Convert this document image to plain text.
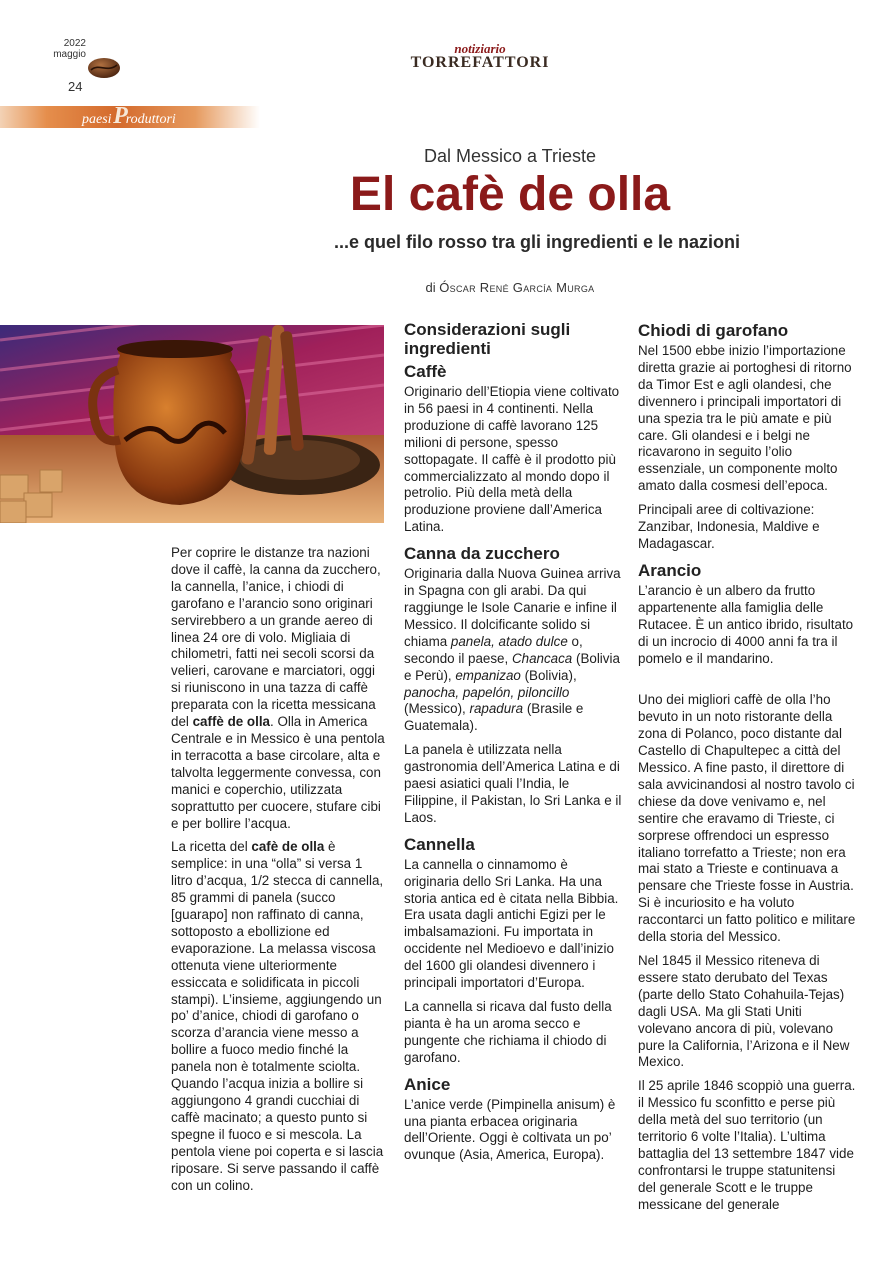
2022
maggio
24
notiziario
TORREFATTORI
paesi Produttori
Dal Messico a Trieste
El cafè de olla
...e quel filo rosso tra gli ingredienti e le nazioni
di Óscar René García Murga

Per coprire le distanze tra nazioni dove il caffè, la canna da zucchero, la cannella, l’anice, i chiodi di garofano e l’arancio sono originari servirebbero a un grande aereo di linea 24 ore di volo. Migliaia di chilometri, fatti nei secoli scorsi da velieri, carovane e marciatori, oggi si riuniscono in una tazza di caffè preparata con la ricetta messicana del caffè de olla. Olla in America Centrale e in Messico è una pentola in terracotta a base circolare, alta e talvolta leggermente convessa, con manici e coperchio, utilizzata soprattutto per cuocere, stufare cibi e per bollire l’acqua.

La ricetta del cafè de olla è semplice: in una “olla” si versa 1 litro d’acqua, 1/2 stecca di cannella, 85 grammi di panela (succo [guarapo] non raffinato di canna, sottoposto a ebollizione ed evaporazione. La melassa viscosa ottenuta viene ulteriormente essiccata e solidificata in piccoli stampi). L’insieme, aggiungendo un po’ d’anice, chiodi di garofano o scorza d’arancia viene messo a bollire a fuoco medio finché la panela non è totalmente sciolta. Quando l’acqua inizia a bollire si aggiungono 4 grandi cucchiai di caffè macinato; a questo punto si spegne il fuoco e si mescola. La pentola viene poi coperta e si lascia riposare. Si serve passando il caffè con un colino.

Considerazioni sugli ingredienti
Caffè

Originario dell’Etiopia viene coltivato in 56 paesi in 4 continenti. Nella produzione di caffè lavorano 125 milioni di persone, spesso sottopagate. Il caffè è il prodotto più commercializzato al mondo dopo il petrolio. Più della metà della produzione proviene dall’America Latina.

Canna da zucchero

Originaria dalla Nuova Guinea arriva in Spagna con gli arabi. Da qui raggiunge le Isole Canarie e infine il Messico. Il dolcificante solido si chiama panela, atado dulce o, secondo il paese, Chancaca (Bolivia e Perù), empanizao (Bolivia), panocha, papelón, piloncillo (Messico), rapadura (Brasile e Guatemala).

La panela è utilizzata nella gastronomia dell’America Latina e di paesi asiatici quali l’India, le Filippine, il Pakistan, lo Sri Lanka e il Laos.

Cannella

La cannella o cinnamomo è originaria dello Sri Lanka. Ha una storia antica ed è citata nella Bibbia. Era usata dagli antichi Egizi per le imbalsamazioni. Fu importata in occidente nel Medioevo e dall’inizio del 1600 gli olandesi divennero i principali importatori d’Europa.

La cannella si ricava dal fusto della pianta è ha un aroma secco e pungente che richiama il chiodo di garofano.

Anice

L’anice verde (Pimpinella anisum) è una pianta erbacea originaria dell’Oriente. Oggi è coltivata un po’ ovunque (Asia, America, Europa).

Chiodi di garofano

Nel 1500 ebbe inizio l’importazione diretta grazie ai portoghesi di ritorno da Timor Est e agli olandesi, che divennero i principali importatori di una spezia tra le più amate e più care. Gli olandesi e i belgi ne ricavarono in seguito l’olio essenziale, un componente molto amato dalla cosmesi dell’epoca.

Principali aree di coltivazione: Zanzibar, Indonesia, Maldive e Madagascar.

Arancio

L’arancio è un albero da frutto appartenente alla famiglia delle Rutacee. È un antico ibrido, risultato di un incrocio di 4000 anni fa tra il pomelo e il mandarino.

Uno dei migliori caffè de olla l’ho bevuto in un noto ristorante della zona di Polanco, poco distante dal Castello di Chapultepec a città del Messico. A fine pasto, il direttore di sala avvicinandosi al nostro tavolo ci chiese da dove venivamo e, nel sentire che eravamo di Trieste, ci sorprese offrendoci un espresso italiano torrefatto a Trieste; non era mai stato a Trieste e continuava a pensare che Trieste fosse in Austria. Si è incuriosito e ha voluto raccontarci un fatto politico e militare della storia del Messico.

Nel 1845 il Messico riteneva di essere stato derubato del Texas (parte dello Stato Cohahuila-Tejas) dagli USA. Ma gli Stati Uniti volevano ancora di più, volevano pure la California, l’Arizona e il New Mexico.

Il 25 aprile 1846 scoppiò una guerra. il Messico fu sconfitto e perse più della metà del suo territorio (un territorio 6 volte l’Italia). L’ultima battaglia del 13 settembre 1847 vide confrontarsi le truppe statunitensi del generale Scott e le truppe messicane del generale
